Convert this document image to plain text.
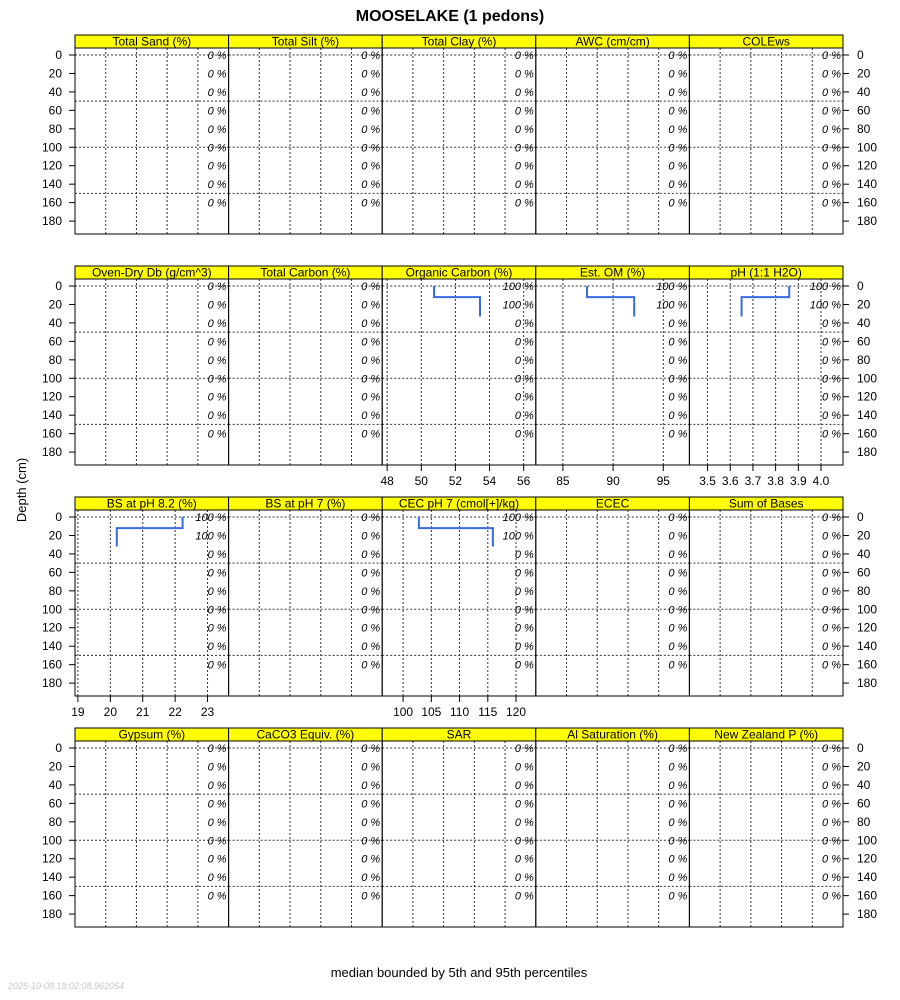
MOOSELAKE (1 pedons)
Depth (cm)
median bounded by 5th and 95th percentiles
2025-10-08 18:02:08.962054
Total Sand (%)
0 %
0 %
0 %
0 %
0 %
0 %
0 %
0 %
0 %
0
20
40
60
80
100
120
140
160
180
Total Silt (%)
0 %
0 %
0 %
0 %
0 %
0 %
0 %
0 %
0 %
Total Clay (%)
0 %
0 %
0 %
0 %
0 %
0 %
0 %
0 %
0 %
AWC (cm/cm)
0 %
0 %
0 %
0 %
0 %
0 %
0 %
0 %
0 %
COLEws
0 %
0 %
0 %
0 %
0 %
0 %
0 %
0 %
0 %
0
20
40
60
80
100
120
140
160
180
Oven-Dry Db (g/cm^3)
0 %
0 %
0 %
0 %
0 %
0 %
0 %
0 %
0 %
0
20
40
60
80
100
120
140
160
180
Total Carbon (%)
0 %
0 %
0 %
0 %
0 %
0 %
0 %
0 %
0 %
Organic Carbon (%)
100 %
100 %
0 %
0 %
0 %
0 %
0 %
0 %
0 %
48 50 52 54 56
Est. OM (%)
100 %
100 %
0 %
0 %
0 %
0 %
0 %
0 %
0 %
85	90	95
pH (1:1 H2O)
100 %
100 %
0 %
0 %
0 %
0 %
0 %
0 %
0 %
3.5 3.6 3.7 3.8 3.9 4.0
0
20
40
60
80
100
120
140
160
180
BS at pH 8.2 (%)
100 %
100 %
0 %
0 %
0 %
0 %
0 %
0 %
0 %
19 20 21 22 23
0
20
40
60
80
100
120
140
160
180
BS at pH 7 (%)
0 %
0 %
0 %
0 %
0 %
0 %
0 %
0 %
0 %
CEC pH 7 (cmol[+]/kg)
100 %
100 %
0 %
0 %
0 %
0 %
0 %
0 %
0 %
100 105 110 115 120
ECEC
0 %
0 %
0 %
0 %
0 %
0 %
0 %
0 %
0 %
Sum of Bases
0 %
0 %
0 %
0 %
0 %
0 %
0 %
0 %
0 %
0
20
40
60
80
100
120
140
160
180
Gypsum (%)
0 %
0 %
0 %
0 %
0 %
0 %
0 %
0 %
0 %
0
20
40
60
80
100
120
140
160
180
CaCO3 Equiv. (%)
0 %
0 %
0 %
0 %
0 %
0 %
0 %
0 %
0 %
SAR
0 %
0 %
0 %
0 %
0 %
0 %
0 %
0 %
0 %
Al Saturation (%)
0 %
0 %
0 %
0 %
0 %
0 %
0 %
0 %
0 %
New Zealand P (%)
0 %
0 %
0 %
0 %
0 %
0 %
0 %
0 %
0 %
0
20
40
60
80
100
120
140
160
180
